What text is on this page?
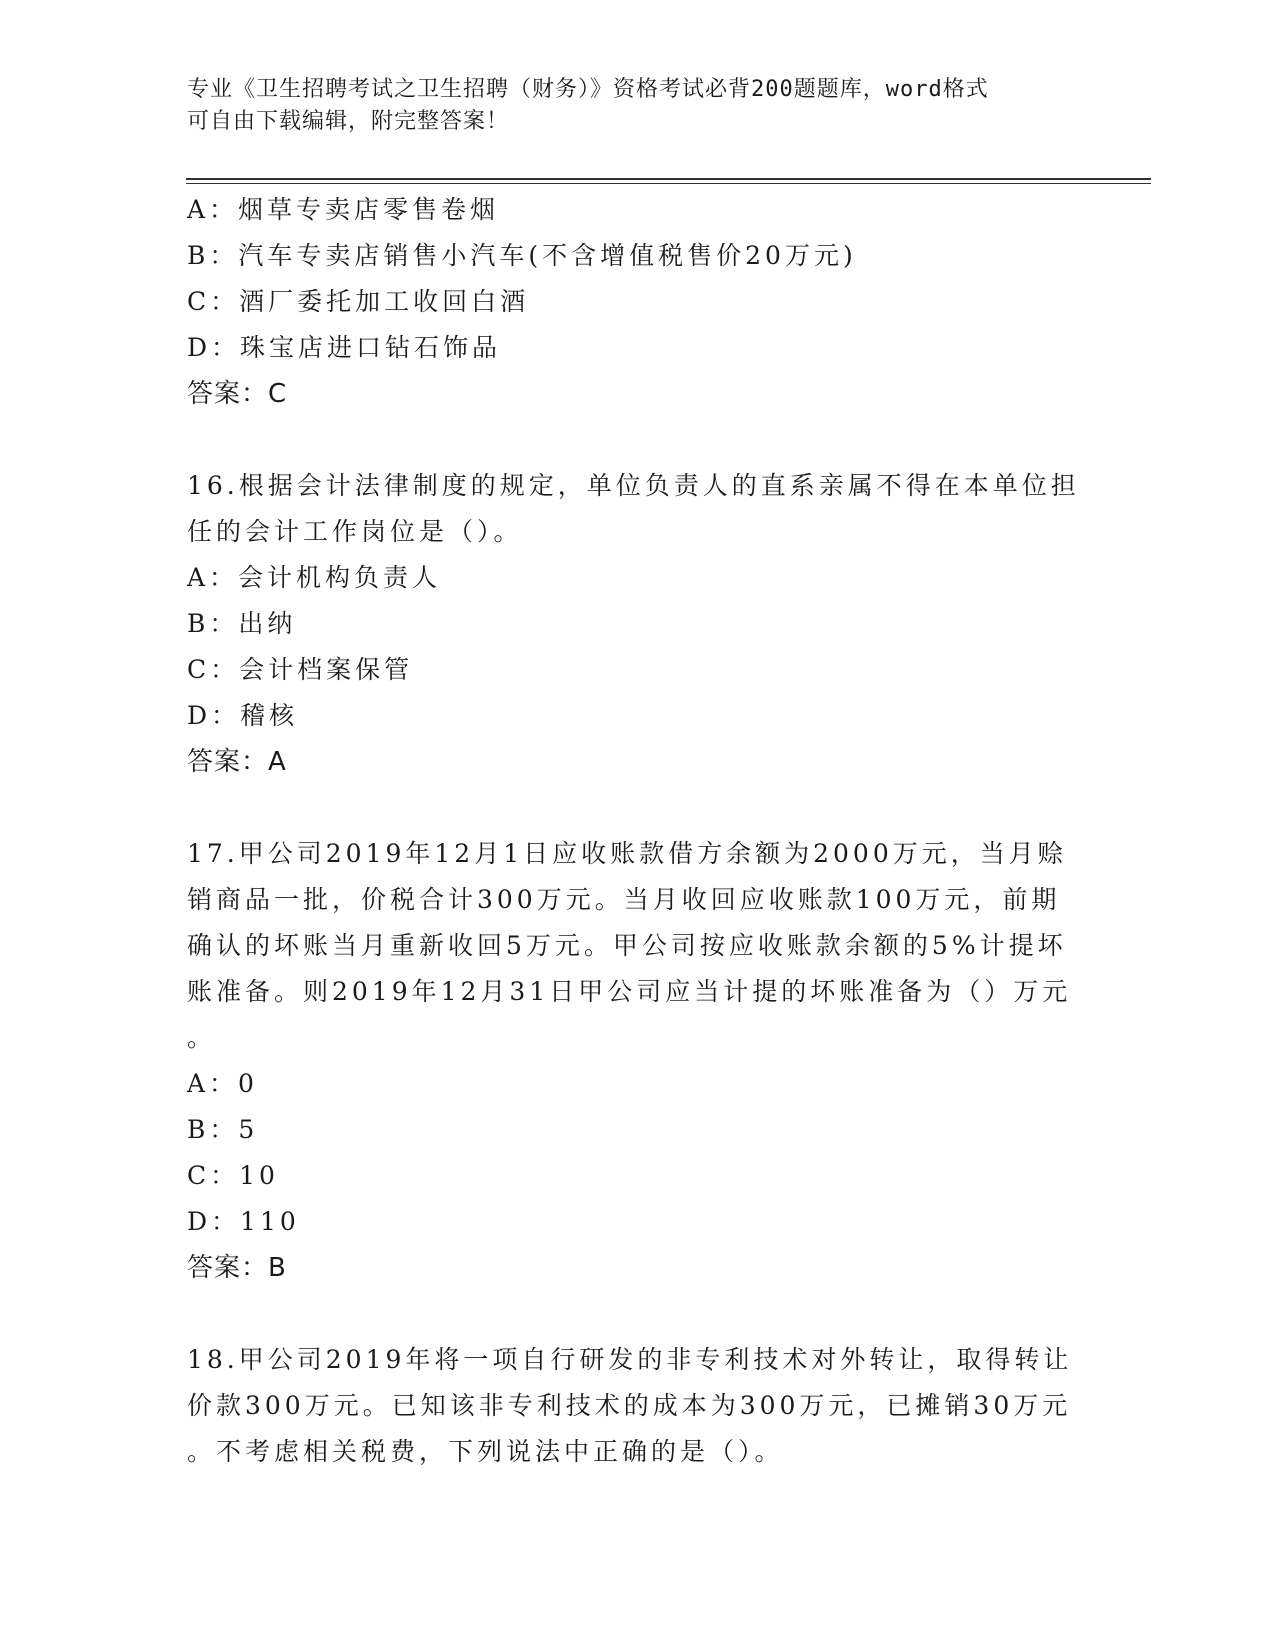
专业《卫生招聘考试之卫生招聘（财务）》资格考试必背200题题库，word格式
可自由下载编辑，附完整答案！
A：烟草专卖店零售卷烟
B：汽车专卖店销售小汽车(不含增值税售价20万元)
C：酒厂委托加工收回白酒
D：珠宝店进口钻石饰品
答案：C
16.根据会计法律制度的规定，单位负责人的直系亲属不得在本单位担
任的会计工作岗位是（）。
A：会计机构负责人
B：出纳
C：会计档案保管
D：稽核
答案：A
17.甲公司2019年12月1日应收账款借方余额为2000万元，当月赊
销商品一批，价税合计300万元。当月收回应收账款100万元，前期
确认的坏账当月重新收回5万元。甲公司按应收账款余额的5%计提坏
账准备。则2019年12月31日甲公司应当计提的坏账准备为（）万元
。
A：0
B：5
C：10
D：110
答案：B
18.甲公司2019年将一项自行研发的非专利技术对外转让，取得转让
价款300万元。已知该非专利技术的成本为300万元，已摊销30万元
。不考虑相关税费，下列说法中正确的是（）。
